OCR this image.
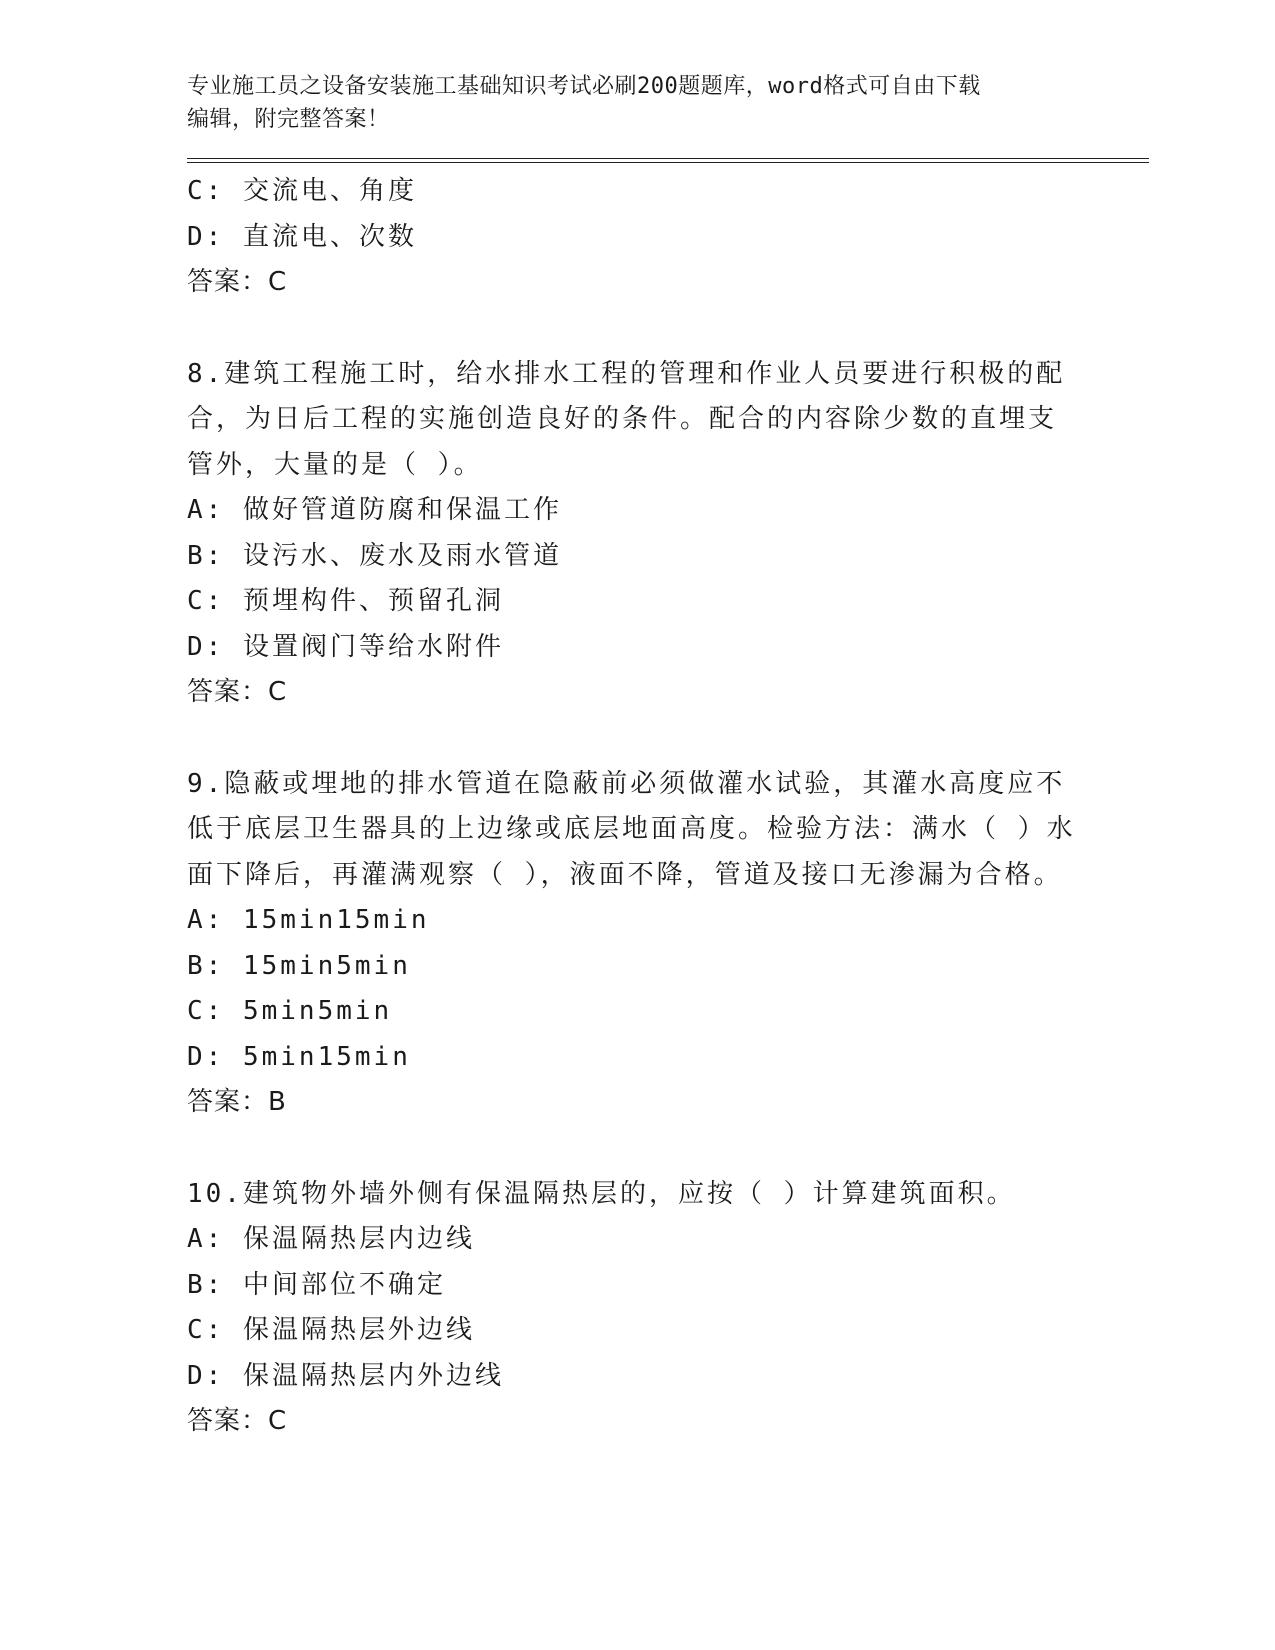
专业施工员之设备安装施工基础知识考试必刷200题题库，word格式可自由下载
编辑，附完整答案！
C: 交流电、角度
D: 直流电、次数
答案：C
8.建筑工程施工时，给水排水工程的管理和作业人员要进行积极的配
合，为日后工程的实施创造良好的条件。配合的内容除少数的直埋支
管外，大量的是（ ）。
A: 做好管道防腐和保温工作
B: 设污水、废水及雨水管道
C: 预埋构件、预留孔洞
D: 设置阀门等给水附件
答案：C
9.隐蔽或埋地的排水管道在隐蔽前必须做灌水试验，其灌水高度应不
低于底层卫生器具的上边缘或底层地面高度。检验方法：满水（ ）水
面下降后，再灌满观察（ ），液面不降，管道及接口无渗漏为合格。
A: 15min15min
B: 15min5min
C: 5min5min
D: 5min15min
答案：B
10.建筑物外墙外侧有保温隔热层的，应按（ ）计算建筑面积。
A: 保温隔热层内边线
B: 中间部位不确定
C: 保温隔热层外边线
D: 保温隔热层内外边线
答案：C
